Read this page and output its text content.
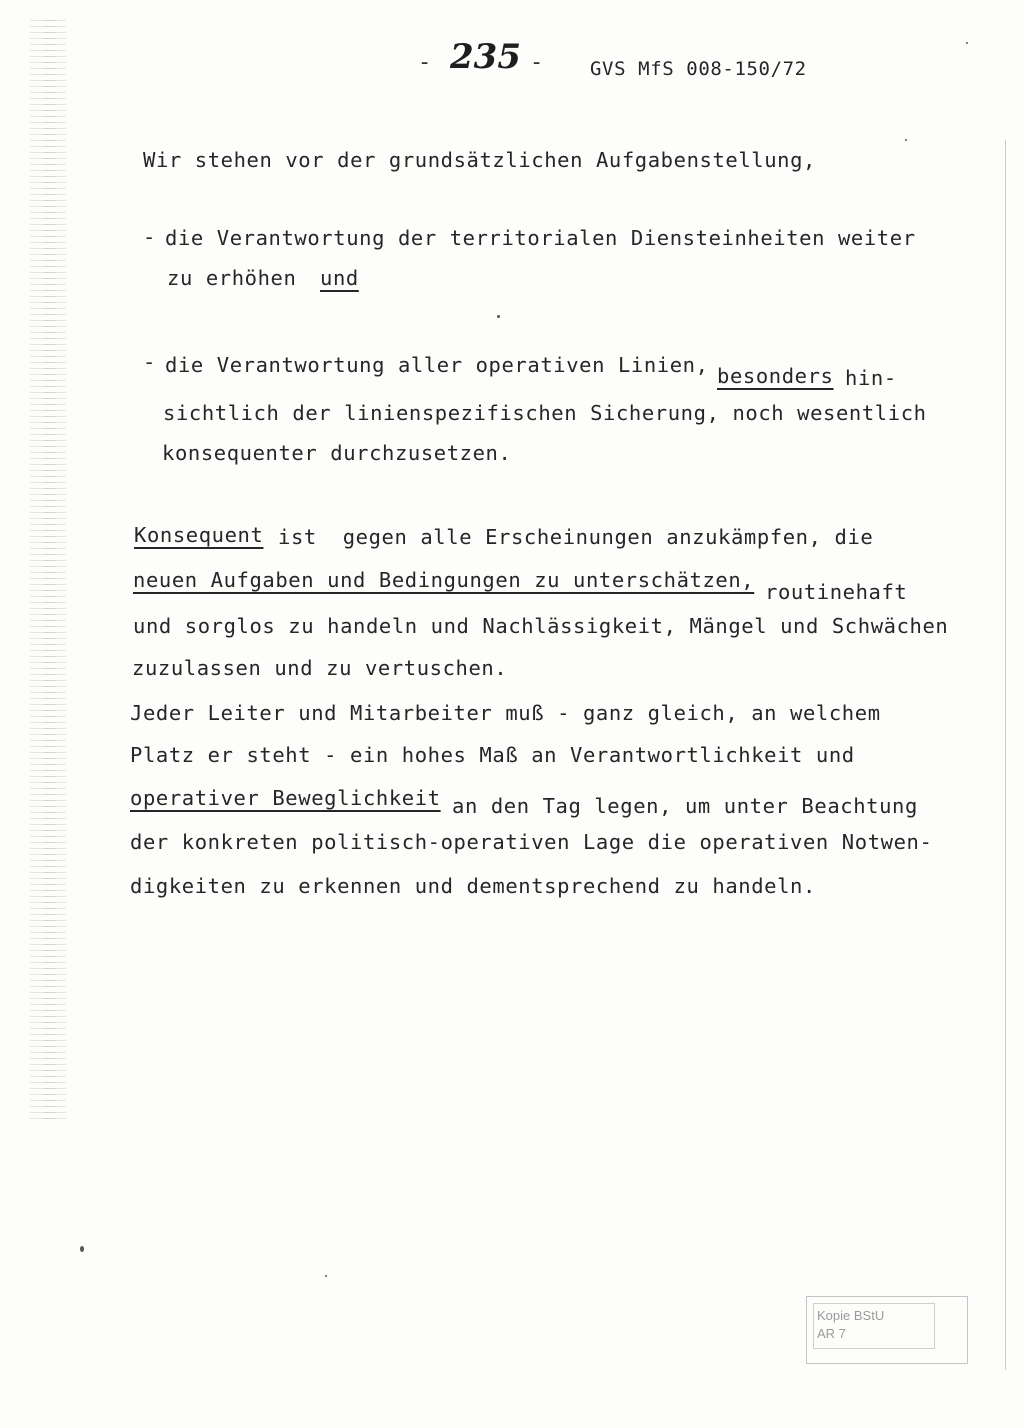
- 235 - GVS MfS 008-150/72
Wir stehen vor der grundsätzlichen Aufgabenstellung,
- die Verantwortung der territorialen Diensteinheiten weiter
zu erhöhen und
- die Verantwortung aller operativen Linien, besonders hin-
sichtlich der linienspezifischen Sicherung, noch wesentlich
konsequenter durchzusetzen.
Konsequent ist  gegen alle Erscheinungen anzukämpfen, die
neuen Aufgaben und Bedingungen zu unterschätzen, routinehaft
und sorglos zu handeln und Nachlässigkeit, Mängel und Schwächen
zuzulassen und zu vertuschen.
Jeder Leiter und Mitarbeiter muß - ganz gleich, an welchem
Platz er steht - ein hohes Maß an Verantwortlichkeit und
operativer Beweglichkeit an den Tag legen, um unter Beachtung
der konkreten politisch-operativen Lage die operativen Notwen-
digkeiten zu erkennen und dementsprechend zu handeln.
Kopie BStU
AR 7
